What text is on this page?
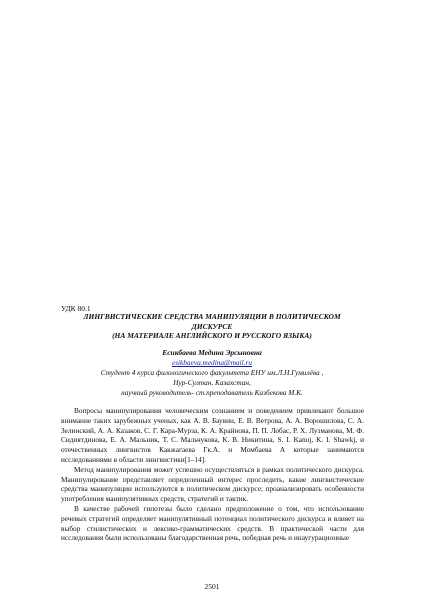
УДК 80.1
ЛИНГВИСТИЧЕСКИЕ СРЕДСТВА МАНИПУЛЯЦИИ В ПОЛИТИЧЕСКОМ
ДИСКУРСЕ
(НА МАТЕРИАЛЕ АНГЛИЙСКОГО И РУССКОГО ЯЗЫКА)
Есикбаева Медина Эрсыновна
esikbaeva.medina@mail.ru
Студент 4 курса филологического факультета ЕНУ им.Л.Н.Гумилёва ,
Нур-Султан, Казахстан,
научный руководитель- ст.преподаватель Казбекова М.К.

Вопросы манипулирования человеческим сознанием и поведением привлекают большое внимание таких зарубежных ученых, как А. В. Баувин, Е. В. Ветрова, А. А. Ворошилова, С. А. Зелинский, А. А. Казаков, С. Г. Кара-Мурза, К. А. Крайнова, П. П. Лобас, Р. Х. Лузманова, М. Ф. Сидиятдинова, Е. А. Мальник, Т. С. Мальчукова, К. В. Никитина, S. I. Kanuj, K. I. Shawkj, и отечественных лингвистов Какжагаева Гк.А. и Момбаева А которые занимаются исследованиями в области лингвистики[1–14].

Метод манипулирования может успешно осуществляться в рамках политического дискурса. Манипулирование представляет определенный интерес проследить, какие лингвистические средства манипуляции используются в политическом дискурсе; проанализировать особенности употребления манипулятивных средств, стратегий и тактик.

В качестве рабочей гипотезы было сделано предположение о том, что использование речевых стратегий определяет манипулятивный потенциал политического дискурса и влияет на выбор стилистических и лексико-грамматических средств. В практической части для исследования были использованы благодарственная речь, победная речь и инаугурационные

2501
